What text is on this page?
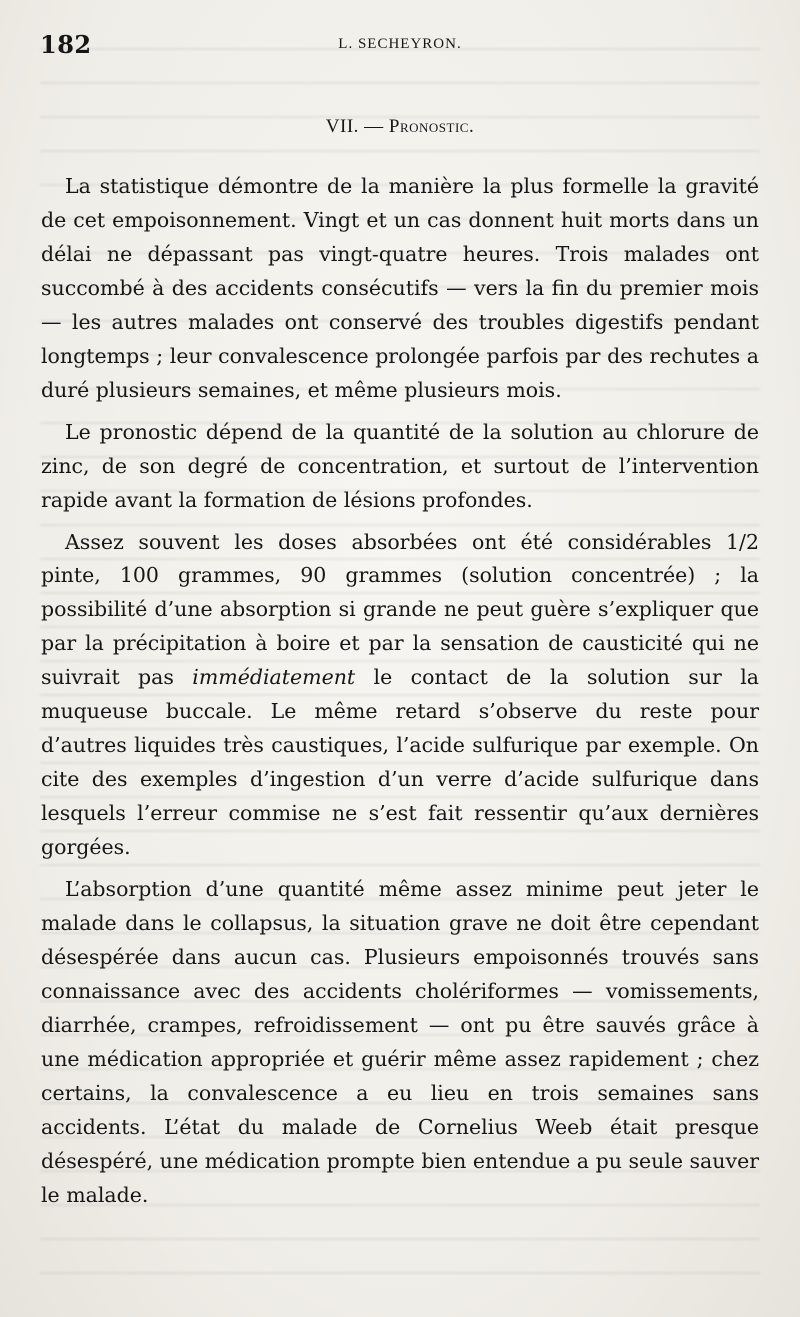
182	L. SECHEYRON.
VII. — Pronostic.

La statistique démontre de la manière la plus formelle la gravité de cet empoisonnement. Vingt et un cas donnent huit morts dans un délai ne dépassant pas vingt-quatre heures. Trois malades ont succombé à des accidents consécutifs — vers la fin du premier mois — les autres malades ont conservé des troubles digestifs pendant longtemps ; leur convalescence prolongée parfois par des rechutes a duré plusieurs semaines, et même plusieurs mois.

Le pronostic dépend de la quantité de la solution au chlorure de zinc, de son degré de concentration, et surtout de l’intervention rapide avant la formation de lésions profondes.

Assez souvent les doses absorbées ont été considérables 1/2 pinte, 100 grammes, 90 grammes (solution concentrée) ; la possibilité d’une absorption si grande ne peut guère s’expliquer que par la précipitation à boire et par la sensation de causticité qui ne suivrait pas immédiatement le contact de la solution sur la muqueuse buccale. Le même retard s’observe du reste pour d’autres liquides très caustiques, l’acide sulfurique par exemple. On cite des exemples d’ingestion d’un verre d’acide sulfurique dans lesquels l’erreur commise ne s’est fait ressentir qu’aux dernières gorgées.

L’absorption d’une quantité même assez minime peut jeter le malade dans le collapsus, la situation grave ne doit être cependant désespérée dans aucun cas. Plusieurs empoisonnés trouvés sans connaissance avec des accidents cholériformes — vomissements, diarrhée, crampes, refroidissement — ont pu être sauvés grâce à une médication appropriée et guérir même assez rapidement ; chez certains, la convalescence a eu lieu en trois semaines sans accidents. L’état du malade de Cornelius Weeb était presque désespéré, une médication prompte bien entendue a pu seule sauver le malade.
